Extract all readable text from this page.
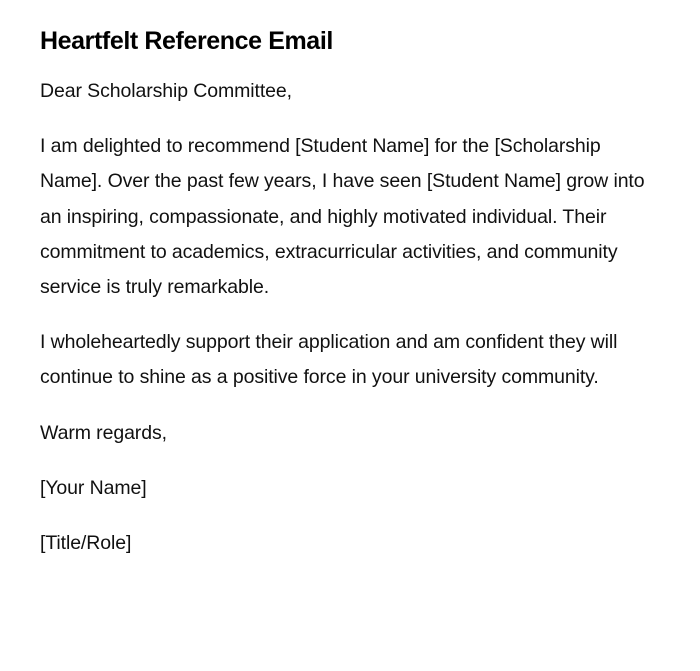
Heartfelt Reference Email

Dear Scholarship Committee,

I am delighted to recommend [Student Name] for the [Scholarship Name]. Over the past few years, I have seen [Student Name] grow into an inspiring, compassionate, and highly motivated individual. Their commitment to academics, extracurricular activities, and community service is truly remarkable.

I wholeheartedly support their application and am confident they will continue to shine as a positive force in your university community.

Warm regards,

[Your Name]

[Title/Role]
